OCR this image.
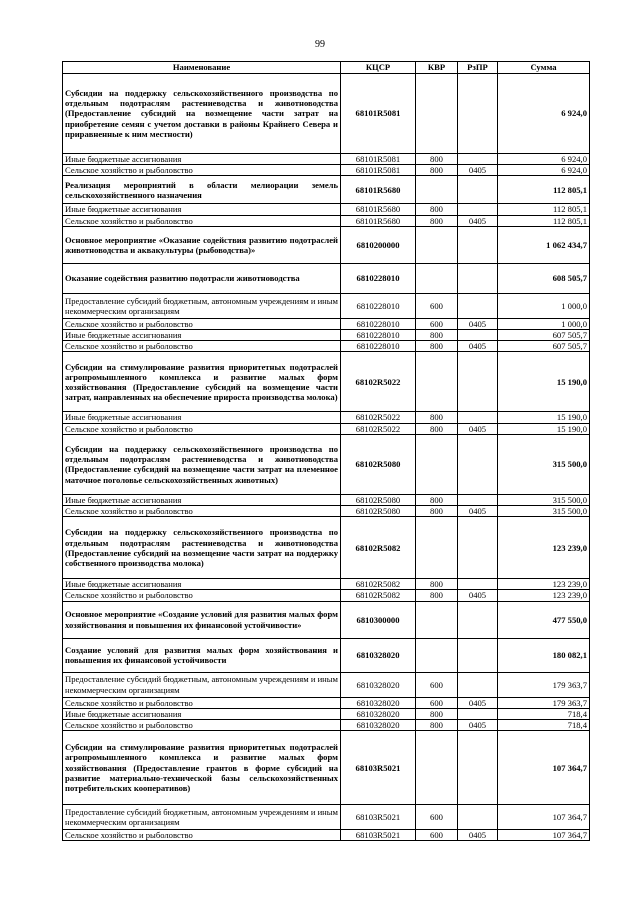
99
Наименование	КЦСР	КВР	РзПР	Сумма
Субсидии на поддержку сельскохозяйственного производства по отдельным подотраслям растениеводства и животноводства (Предоставление субсидий на возмещение части затрат на приобретение семян с учетом доставки в районы Крайнего Севера и приравненные к ним местности)	68101R5081			6 924,0
Иные бюджетные ассигнования	68101R5081	800		6 924,0
Сельское хозяйство и рыболовство	68101R5081	800	0405	6 924,0
Реализация мероприятий в области мелиорации земель сельскохозяйственного назначения	68101R5680			112 805,1
Иные бюджетные ассигнования	68101R5680	800		112 805,1
Сельское хозяйство и рыболовство	68101R5680	800	0405	112 805,1
Основное мероприятие «Оказание содействия развитию подотраслей животноводства и аквакультуры (рыбоводства)»	6810200000			1 062 434,7
Оказание содействия развитию подотрасли животноводства	6810228010			608 505,7
Предоставление субсидий бюджетным, автономным учреждениям и иным некоммерческим организациям	6810228010	600		1 000,0
Сельское хозяйство и рыболовство	6810228010	600	0405	1 000,0
Иные бюджетные ассигнования	6810228010	800		607 505,7
Сельское хозяйство и рыболовство	6810228010	800	0405	607 505,7
Субсидии на стимулирование развития приоритетных подотраслей агропромышленного комплекса и развитие малых форм хозяйствования (Предоставление субсидий на возмещение части затрат, направленных на обеспечение прироста производства молока)	68102R5022			15 190,0
Иные бюджетные ассигнования	68102R5022	800		15 190,0
Сельское хозяйство и рыболовство	68102R5022	800	0405	15 190,0
Субсидии на поддержку сельскохозяйственного производства по отдельным подотраслям растениеводства и животноводства (Предоставление субсидий на возмещение части затрат на племенное маточное поголовье сельскохозяйственных животных)	68102R5080			315 500,0
Иные бюджетные ассигнования	68102R5080	800		315 500,0
Сельское хозяйство и рыболовство	68102R5080	800	0405	315 500,0
Субсидии на поддержку сельскохозяйственного производства по отдельным подотраслям растениеводства и животноводства (Предоставление субсидий на возмещение части затрат на поддержку собственного производства молока)	68102R5082			123 239,0
Иные бюджетные ассигнования	68102R5082	800		123 239,0
Сельское хозяйство и рыболовство	68102R5082	800	0405	123 239,0
Основное мероприятие «Создание условий для развития малых форм хозяйствования и повышения их финансовой устойчивости»	6810300000			477 550,0
Создание условий для развития малых форм хозяйствования и повышения их финансовой устойчивости	6810328020			180 082,1
Предоставление субсидий бюджетным, автономным учреждениям и иным некоммерческим организациям	6810328020	600		179 363,7
Сельское хозяйство и рыболовство	6810328020	600	0405	179 363,7
Иные бюджетные ассигнования	6810328020	800		718,4
Сельское хозяйство и рыболовство	6810328020	800	0405	718,4
Субсидии на стимулирование развития приоритетных подотраслей агропромышленного комплекса и развитие малых форм хозяйствования (Предоставление грантов в форме субсидий на развитие материально-технической базы сельскохозяйственных потребительских кооперативов)	68103R5021			107 364,7
Предоставление субсидий бюджетным, автономным учреждениям и иным некоммерческим организациям	68103R5021	600		107 364,7
Сельское хозяйство и рыболовство	68103R5021	600	0405	107 364,7
